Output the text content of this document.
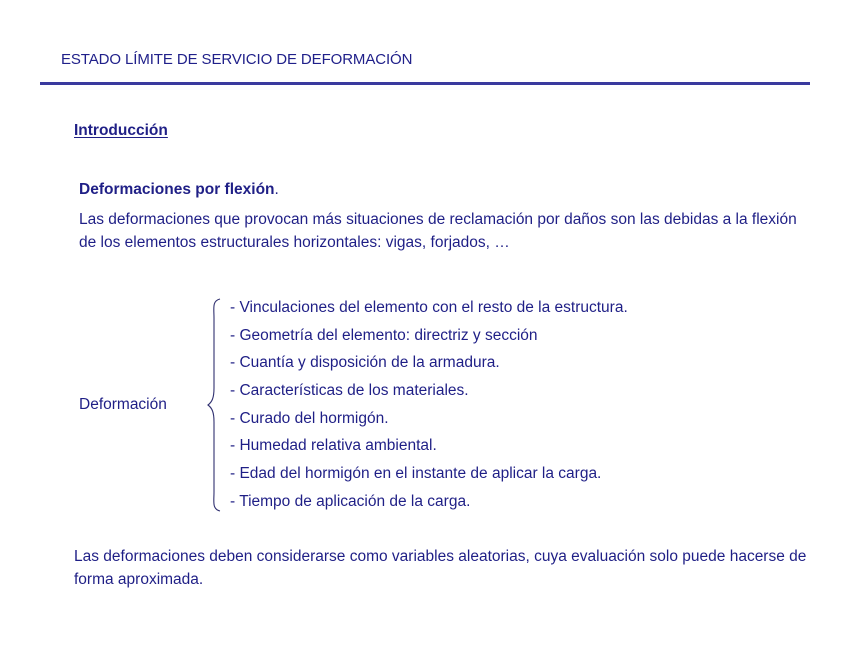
ESTADO LÍMITE DE SERVICIO DE DEFORMACIÓN
Introducción
Deformaciones por flexión.

Las deformaciones que provocan más situaciones de reclamación por daños son las debidas a la flexión de los elementos estructurales horizontales: vigas, forjados, …

Deformación
- Vinculaciones del elemento con el resto de la estructura.
- Geometría del elemento: directriz y sección
- Cuantía y disposición de la armadura.
- Características de los materiales.
- Curado del hormigón.
- Humedad relativa ambiental.
- Edad del hormigón en el instante de aplicar la carga.
- Tiempo de aplicación de la carga.

Las deformaciones deben considerarse como variables aleatorias, cuya evaluación solo puede hacerse de forma aproximada.
